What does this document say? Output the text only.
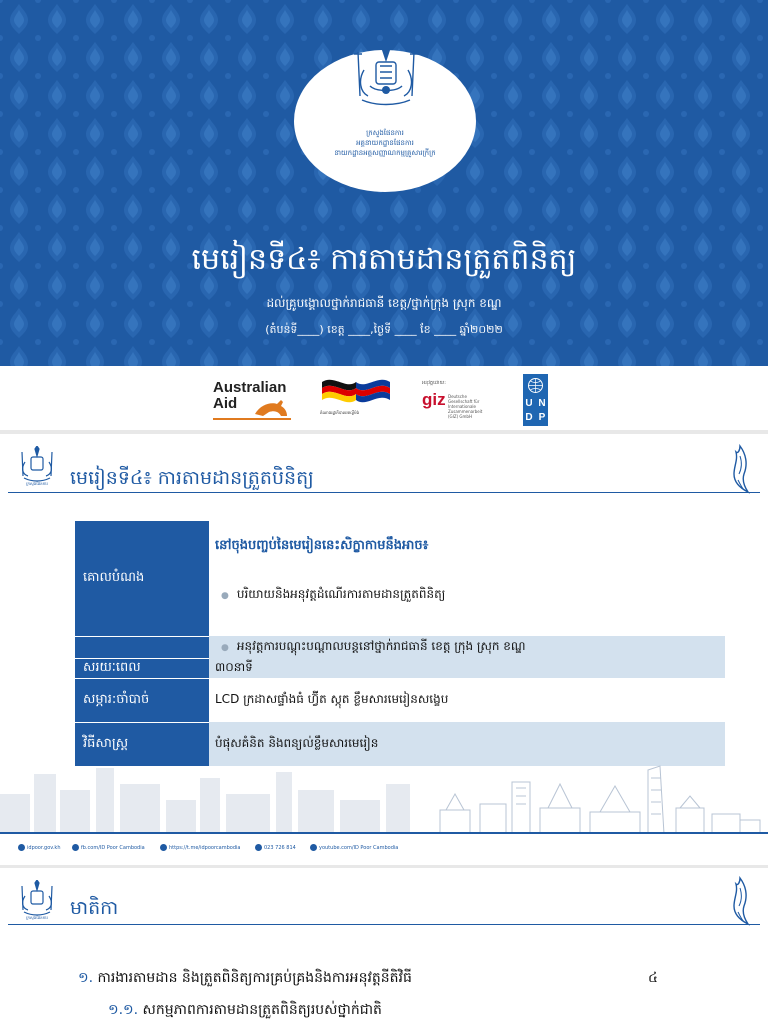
ក្រសួងផែនការ
អគ្គនាយកដ្ឋានផែនការ
នាយកដ្ឋានអត្តសញ្ញាណកម្មគ្រួសារក្រីក្រ
មេរៀនទី៤៖ ការតាមដានត្រួតពិនិត្យ
ដល់គ្រូបង្គោលថ្នាក់រាជធានី ខេត្ត/ថ្នាក់ក្រុង ស្រុក ខណ្ឌ
(តំបន់ទី____) ខេត្ត ____,ថ្ងៃទី ____ ខែ ____ ឆ្នាំ២០២២
Australian
Aid
តំណាងរដ្ឋាភិបាលអាល្លឺម៉ង់
អនុវត្តដោយ:
giz Deutsche Gesellschaft für Internationale Zusammenarbeit (GIZ) GmbH
U N
D P
ក្រសួងផែនការ មេរៀនទី៤៖ ការតាមដានត្រួតបិនិត្យ
គោលបំណង	នៅចុងបញ្ចប់នៃមេរៀននេះសិក្ខាកាមនឹងអាច៖
● បរិយាយនិងអនុវត្តដំណើរការតាមដានត្រួតពិនិត្យ

	● អនុវត្តការបណ្តុះបណ្តាលបន្តនៅថ្នាក់រាជធានី ខេត្ត ក្រុង ស្រុក ខណ្ឌ
សរយៈពេល	៣០នាទី
សម្ភារ:ចាំបាច់	LCD ក្រដាសផ្ទាំងធំ ហ្វ៊ីត ស្កុត ខ្លឹមសារមេរៀនសង្ខេប
វិធីសាស្ត្រ	បំផុសគំនិត និងពន្យល់ខ្លឹមសារមេរៀន
idpoor.gov.kh	fb.com/ID Poor Cambodia	https://t.me/idpoorcambodia	023 726 814	youtube.com/ID Poor Cambodia
ក្រសួងផែនការ មាតិកា
១. ការងារតាមដាន និងត្រួតពិនិត្យការគ្រប់គ្រងនិងការអនុវត្តនីតិវិធី	៤
១.១. សកម្មភាពការតាមដានត្រួតពិនិត្យរបស់ថ្នាក់ជាតិ
